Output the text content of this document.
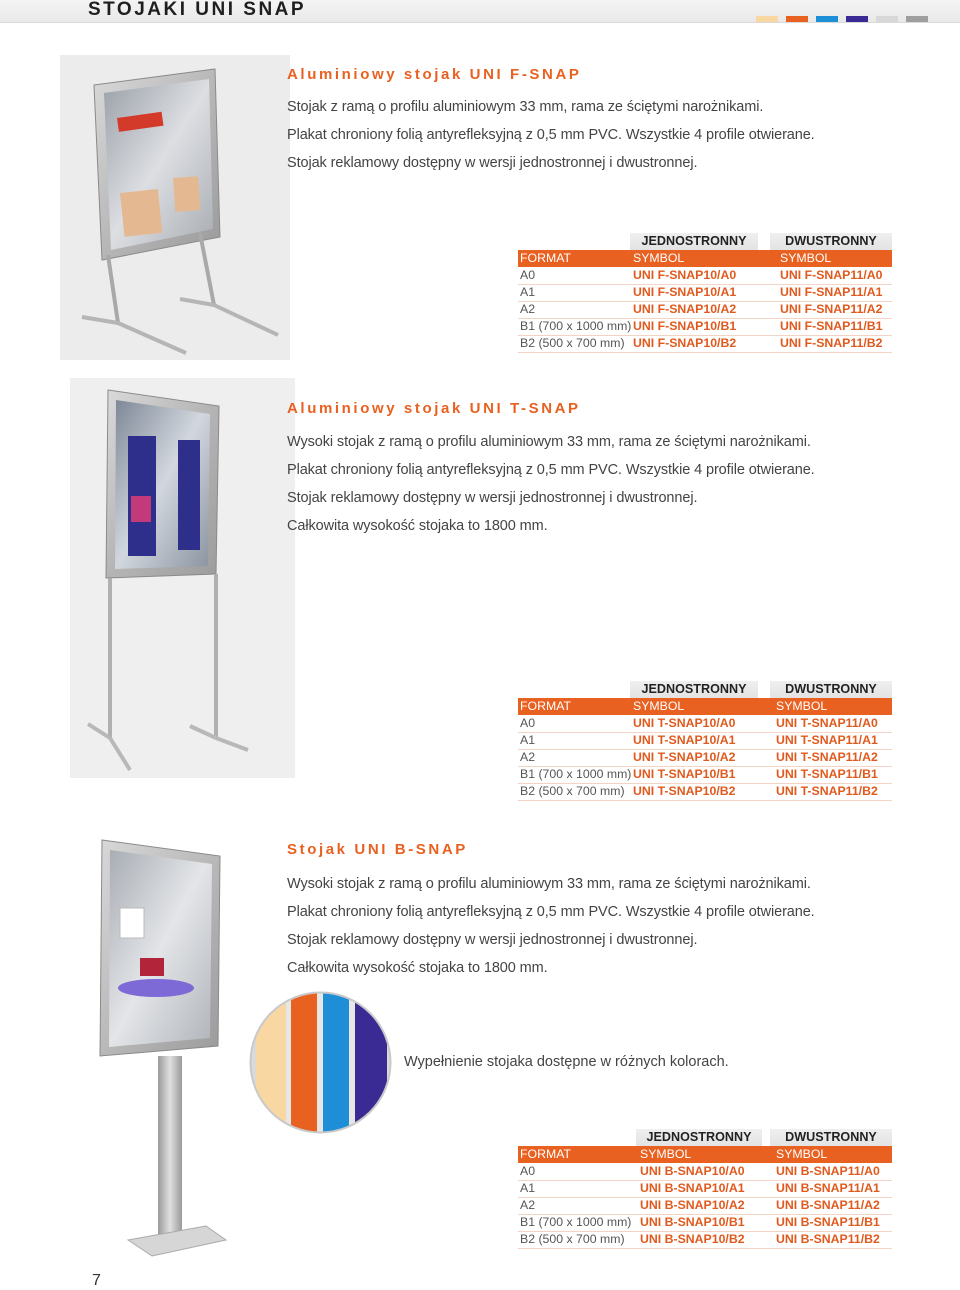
STOJAKI UNI SNAP
Aluminiowy stojak UNI F-SNAP

Stojak z ramą o profilu aluminiowym 33 mm, rama ze ściętymi narożnikami.

Plakat chroniony folią antyrefleksyjną z 0,5 mm PVC. Wszystkie 4 profile otwierane.

Stojak reklamowy dostępny w wersji jednostronnej i dwustronnej.

JEDNOSTRONNY	DWUSTRONNY
FORMAT	SYMBOL	SYMBOL
A0	UNI F-SNAP10/A0	UNI F-SNAP11/A0
A1	UNI F-SNAP10/A1	UNI F-SNAP11/A1
A2	UNI F-SNAP10/A2	UNI F-SNAP11/A2
B1 (700 x 1000 mm) UNI F-SNAP10/B1	UNI F-SNAP11/B1
B2 (500 x 700 mm) UNI F-SNAP10/B2	UNI F-SNAP11/B2
Aluminiowy stojak UNI T-SNAP

Wysoki stojak z ramą o profilu aluminiowym 33 mm, rama ze ściętymi narożnikami.

Plakat chroniony folią antyrefleksyjną z 0,5 mm PVC. Wszystkie 4 profile otwierane.

Stojak reklamowy dostępny w wersji jednostronnej i dwustronnej.

Całkowita wysokość stojaka to 1800 mm.

JEDNOSTRONNY	DWUSTRONNY
FORMAT	SYMBOL	SYMBOL
A0	UNI T-SNAP10/A0	UNI T-SNAP11/A0
A1	UNI T-SNAP10/A1	UNI T-SNAP11/A1
A2	UNI T-SNAP10/A2	UNI T-SNAP11/A2
B1 (700 x 1000 mm) UNI T-SNAP10/B1	UNI T-SNAP11/B1
B2 (500 x 700 mm) UNI T-SNAP10/B2	UNI T-SNAP11/B2
Stojak UNI B-SNAP

Wysoki stojak z ramą o profilu aluminiowym 33 mm, rama ze ściętymi narożnikami.

Plakat chroniony folią antyrefleksyjną z 0,5 mm PVC. Wszystkie 4 profile otwierane.

Stojak reklamowy dostępny w wersji jednostronnej i dwustronnej.

Całkowita wysokość stojaka to 1800 mm.

Wypełnienie stojaka dostępne w różnych kolorach.
JEDNOSTRONNY	DWUSTRONNY
FORMAT	SYMBOL	SYMBOL
A0	UNI B-SNAP10/A0	UNI B-SNAP11/A0
A1	UNI B-SNAP10/A1	UNI B-SNAP11/A1
A2	UNI B-SNAP10/A2	UNI B-SNAP11/A2
B1 (700 x 1000 mm) UNI B-SNAP10/B1	UNI B-SNAP11/B1
B2 (500 x 700 mm) UNI B-SNAP10/B2	UNI B-SNAP11/B2
7
